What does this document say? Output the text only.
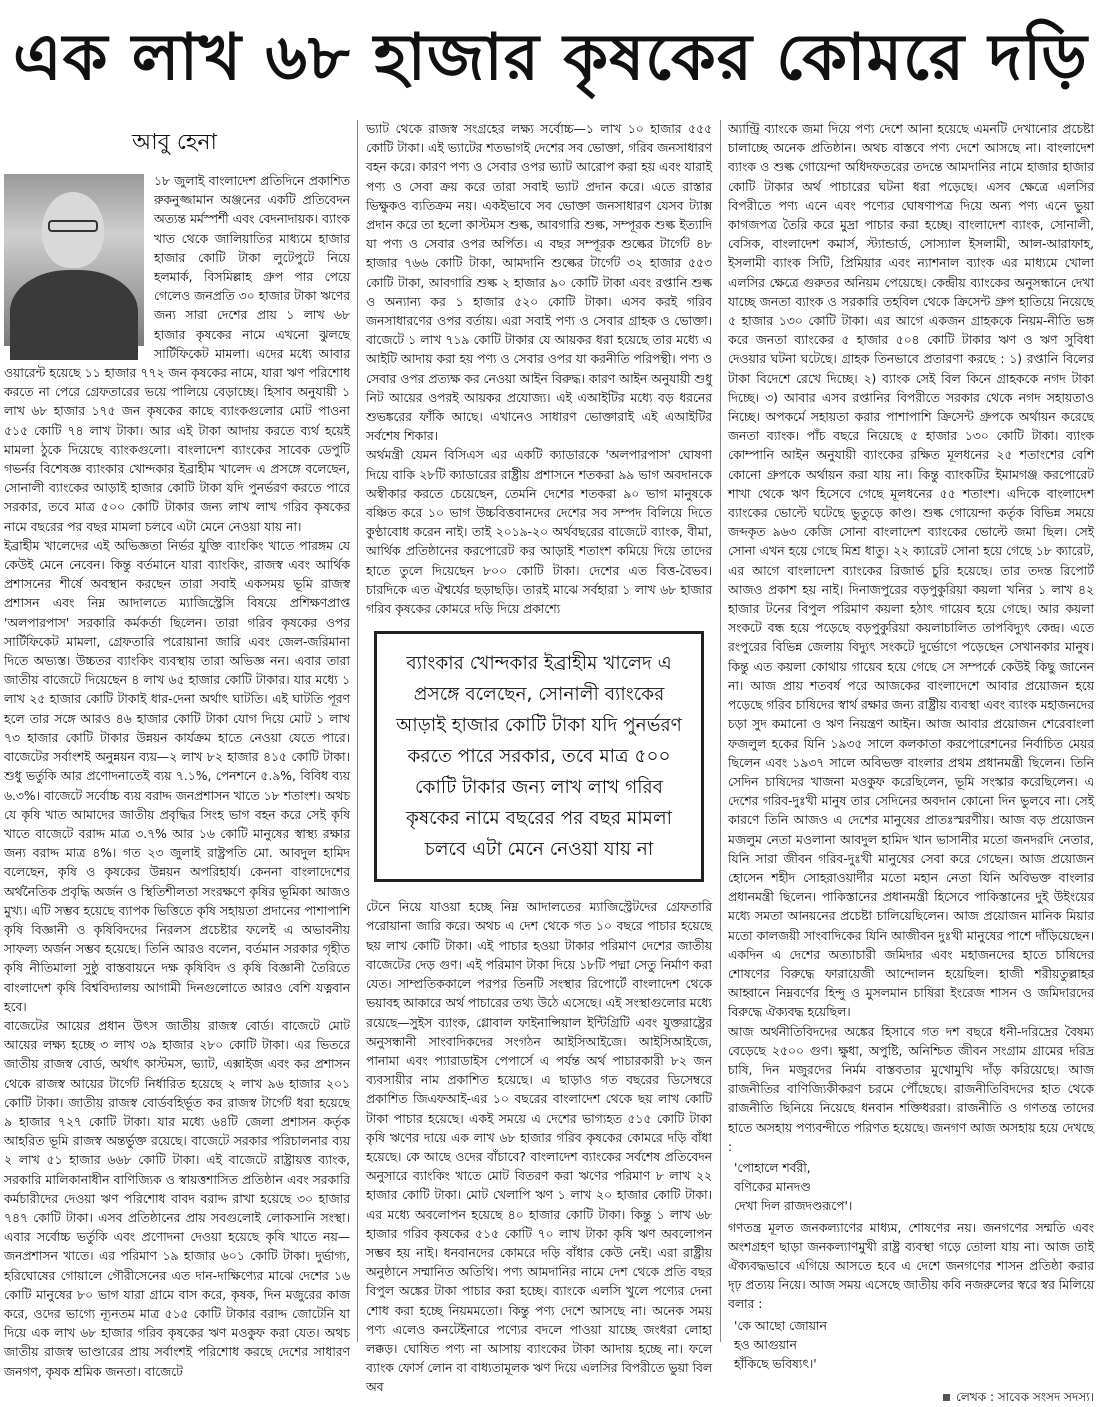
এক লাখ ৬৮ হাজার কৃষকের কোমরে দড়ি
আবু হেনা

১৮ জুলাই বাংলাদেশ প্রতিদিনে প্রকাশিত রুকনুজ্জামান অঞ্জনের একটি প্রতিবেদন অত্যন্ত মর্মস্পর্শী এবং বেদনাদায়ক। ব্যাংক খাত থেকে জালিয়াতির মাধ্যমে হাজার হাজার কোটি টাকা লুটেপুটে নিয়ে হলমার্ক, বিসমিল্লাহ গ্রুপ পার পেয়ে গেলেও জনপ্রতি ৩০ হাজার টাকা ঋণের জন্য সারা দেশের প্রায় ১ লাখ ৬৮ হাজার কৃষকের নামে এখনো ঝুলছে সার্টিফিকেট মামলা। এদের মধ্যে আবার ওয়ারেন্ট হয়েছে ১১ হাজার ৭৭২ জন কৃষকের নামে, যারা ঋণ পরিশোধ করতে না পেরে গ্রেফতারের ভয়ে পালিয়ে বেড়াচ্ছে। হিসাব অনুযায়ী ১ লাখ ৬৮ হাজার ১৭৫ জন কৃষকের কাছে ব্যাংকগুলোর মোট পাওনা ৫১৫ কোটি ৭৪ লাখ টাকা। আর এই টাকা আদায় করতে ব্যর্থ হয়েই মামলা ঠুকে দিয়েছে ব্যাংকগুলো। বাংলাদেশ ব্যাংকের সাবেক ডেপুটি গভর্নর বিশেষজ্ঞ ব্যাংকার খোন্দকার ইব্রাহীম খালেদ এ প্রসঙ্গে বলেছেন, সোনালী ব্যাংকের আড়াই হাজার কোটি টাকা যদি পুনর্ভরণ করতে পারে সরকার, তবে মাত্র ৫০০ কোটি টাকার জন্য লাখ লাখ গরিব কৃষকের নামে বছরের পর বছর মামলা চলবে এটা মেনে নেওয়া যায় না।

ইব্রাহীম খালেদের এই অভিজ্ঞতা নির্ভর যুক্তি ব্যাংকিং খাতে পারঙ্গম যে কেউই মেনে নেবেন। কিন্তু বর্তমানে যারা ব্যাংকিং, রাজস্ব এবং আর্থিক প্রশাসনের শীর্ষে অবস্থান করছেন তারা সবাই একসময় ভূমি রাজস্ব প্রশাসন এবং নিম্ন আদালতে ম্যাজিস্ট্রেসি বিষয়ে প্রশিক্ষণপ্রাপ্ত 'অলপারপাস' সরকারি কর্মকর্তা ছিলেন। তারা গরিব কৃষকের ওপর সার্টিফিকেট মামলা, গ্রেফতারি পরোয়ানা জারি এবং জেল-জরিমানা দিতে অভ্যস্ত। উচ্চতর ব্যাংকিং ব্যবস্থায় তারা অভিজ্ঞ নন। এবার তারা জাতীয় বাজেটে দিয়েছেন ৪ লাখ ৬৫ হাজার কোটি টাকার। যার মধ্যে ১ লাখ ২৫ হাজার কোটি টাকাই ধার-দেনা অর্থাৎ ঘাটতি। এই ঘাটতি পূরণ হলে তার সঙ্গে আরও ৪৬ হাজার কোটি টাকা যোগ দিয়ে মোট ১ লাখ ৭৩ হাজার কোটি টাকার উন্নয়ন কার্যক্রম হাতে নেওয়া যেতে পারে। বাজেটের সর্বাংশই অনুন্নয়ন ব্যয়—২ লাখ ৮২ হাজার ৪১৫ কোটি টাকা। শুধু ভর্তুকি আর প্রণোদনাতেই ব্যয় ৭.১%, পেনশনে ৫.৯%, বিবিধ ব্যয় ৬.৩%। বাজেটে সর্বোচ্চ ব্যয় বরাদ্দ জনপ্রশাসন খাতে ১৮ শতাংশ। অথচ যে কৃষি খাত আমাদের জাতীয় প্রবৃদ্ধির সিংহ ভাগ বহন করে সেই কৃষি খাতে বাজেটে বরাদ্দ মাত্র ৩.৭% আর ১৬ কোটি মানুষের স্বাস্থ্য রক্ষার জন্য বরাদ্দ মাত্র ৪%। গত ২৩ জুলাই রাষ্ট্রপতি মো. আবদুল হামিদ বলেছেন, কৃষি ও কৃষকের উন্নয়ন অপরিহার্য। কেননা বাংলাদেশের অর্থনৈতিক প্রবৃদ্ধি অর্জন ও স্থিতিশীলতা সংরক্ষণে কৃষির ভূমিকা আজও মুখ্য। এটি সম্ভব হয়েছে ব্যাপক ভিত্তিতে কৃষি সহায়তা প্রদানের পাশাপাশি কৃষি বিজ্ঞানী ও কৃষিবিদদের নিরলস প্রচেষ্টার ফলেই এ অভাবনীয় সাফল্য অর্জন সম্ভব হয়েছে। তিনি আরও বলেন, বর্তমান সরকার গৃহীত কৃষি নীতিমালা সুষ্ঠু বাস্তবায়নে দক্ষ কৃষিবিদ ও কৃষি বিজ্ঞানী তৈরিতে বাংলাদেশ কৃষি বিশ্ববিদ্যালয় আগামী দিনগুলোতে আরও বেশি যত্নবান হবে।

বাজেটের আয়ের প্রধান উৎস জাতীয় রাজস্ব বোর্ড। বাজেটে মোট আয়ের লক্ষ্য হচ্ছে ৩ লাখ ৩৯ হাজার ২৮০ কোটি টাকা। এর ভিতরে জাতীয় রাজস্ব বোর্ড, অর্থাৎ কাস্টমস, ভ্যাট, এক্সাইজ এবং কর প্রশাসন থেকে রাজস্ব আয়ের টার্গেট নির্ধারিত হয়েছে ২ লাখ ৯৬ হাজার ২০১ কোটি টাকা। জাতীয় রাজস্ব বোর্ডবহির্ভূত কর রাজস্ব টার্গেট ধরা হয়েছে ৯ হাজার ৭২৭ কোটি টাকা। যার মধ্যে ৬৪টি জেলা প্রশাসন কর্তৃক আহরিত ভূমি রাজস্ব অন্তর্ভুক্ত রয়েছে। বাজেটে সরকার পরিচালনার ব্যয় ২ লাখ ৫১ হাজার ৬৬৮ কোটি টাকা। এই বাজেটে রাষ্ট্রায়ত্ত ব্যাংক, সরকারি মালিকানাধীন বাণিজ্যিক ও স্বায়ত্তশাসিত প্রতিষ্ঠান এবং সরকারি কর্মচারীদের দেওয়া ঋণ পরিশোধ বাবদ বরাদ্দ রাখা হয়েছে ৩০ হাজার ৭৪৭ কোটি টাকা। এসব প্রতিষ্ঠানের প্রায় সবগুলোই লোকসানি সংস্থা। এবার সর্বোচ্চ ভর্তুকি এবং প্রণোদনা দেওয়া হয়েছে কৃষি খাতে নয়—জনপ্রশাসন খাতে। এর পরিমাণ ১৯ হাজার ৬০১ কোটি টাকা। দুর্ভাগ্য, হরিঘোষের গোয়ালে গৌরীসেনের এত দান-দাক্ষিণ্যের মাঝে দেশের ১৬ কোটি মানুষের ৮০ ভাগ যারা গ্রামে বাস করে, কৃষক, দিন মজুরের কাজ করে, ওদের ভাগ্যে ন্যূনতম মাত্র ৫১৫ কোটি টাকার বরাদ্দ জোটেনি যা দিয়ে এক লাখ ৬৮ হাজার গরিব কৃষকের ঋণ মওকুফ করা যেত। অথচ জাতীয় রাজস্ব ভাণ্ডারের প্রায় সর্বাংশই পরিশোধ করছে দেশের সাধারণ জনগণ, কৃষক শ্রমিক জনতা। বাজেটে

ভ্যাট থেকে রাজস্ব সংগ্রহের লক্ষ্য সর্বোচ্চ—১ লাখ ১০ হাজার ৫৫৫ কোটি টাকা। এই ভ্যাটের শতভাগই দেশের সব ভোক্তা, গরিব জনসাধারণ বহন করে। কারণ পণ্য ও সেবার ওপর ভ্যাট আরোপ করা হয় এবং যারাই পণ্য ও সেবা ক্রয় করে তারা সবাই ভ্যাট প্রদান করে। এতে রাস্তার ভিক্ষুকও ব্যতিক্রম নয়। একইভাবে সব ভোক্তা জনসাধারণ যেসব ট্যাক্স প্রদান করে তা হলো কাস্টমস শুল্ক, আবগারি শুল্ক, সম্পূরক শুল্ক ইত্যাদি যা পণ্য ও সেবার ওপর অর্পিত। এ বছর সম্পূরক শুল্কের টার্গেট ৪৮ হাজার ৭৬৬ কোটি টাকা, আমদানি শুল্কের টার্গেট ৩২ হাজার ৫৫৩ কোটি টাকা, আবগারি শুল্ক ২ হাজার ৯০ কোটি টাকা এবং রপ্তানি শুল্ক ও অন্যান্য কর ১ হাজার ৫২০ কোটি টাকা। এসব করই গরিব জনসাধারণের ওপর বর্তায়। এরা সবাই পণ্য ও সেবার গ্রাহক ও ভোক্তা। বাজেটে ১ লাখ ৭১৯ কোটি টাকার যে আয়কর ধরা হয়েছে তার মধ্যে এ আইটি আদায় করা হয় পণ্য ও সেবার ওপর যা করনীতি পরিপন্থী। পণ্য ও সেবার ওপর প্রত্যক্ষ কর নেওয়া আইন বিরুদ্ধ। কারণ আইন অনুযায়ী শুধু নিট আয়ের ওপরই আয়কর প্রযোজ্য। এই এআইটির মধ্যে বড় ধরনের শুভঙ্করের ফাঁকি আছে। এখানেও সাধারণ ভোক্তারাই এই এআইটির সর্বশেষ শিকার।

অর্থমন্ত্রী যেমন বিসিএস এর একটি ক্যাডারকে 'অলপারপাস' ঘোষণা দিয়ে বাকি ২৮টি ক্যাডারের রাষ্ট্রীয় প্রশাসনে শতকরা ৯৯ ভাগ অবদানকে অস্বীকার করতে চেয়েছেন, তেমনি দেশের শতকরা ৯০ ভাগ মানুষকে বঞ্চিত করে ১০ ভাগ উচ্চবিত্তবানদের দেশের সব সম্পদ বিলিয়ে দিতে কুণ্ঠাবোধ করেন নাই। তাই ২০১৯-২০ অর্থবছরের বাজেটে ব্যাংক, বীমা, আর্থিক প্রতিষ্ঠানের করপোরেট কর আড়াই শতাংশ কমিয়ে দিয়ে তাদের হাতে তুলে দিয়েছেন ৮০০ কোটি টাকা। দেশের এত বিত্ত-বৈভব। চারদিকে এত ঐশ্বর্যের ছড়াছড়ি। তারই মাঝে সর্বহারা ১ লাখ ৬৮ হাজার গরিব কৃষকের কোমরে দড়ি দিয়ে প্রকাশ্যে

ব্যাংকার খোন্দকার ইব্রাহীম খালেদ এ প্রসঙ্গে বলেছেন, সোনালী ব্যাংকের আড়াই হাজার কোটি টাকা যদি পুনর্ভরণ করতে পারে সরকার, তবে মাত্র ৫০০ কোটি টাকার জন্য লাখ লাখ গরিব কৃষকের নামে বছরের পর বছর মামলা চলবে এটা মেনে নেওয়া যায় না

টেনে নিয়ে যাওয়া হচ্ছে নিম্ন আদালতের ম্যাজিস্ট্রেটদের গ্রেফতারি পরোয়ানা জারি করে। অথচ এ দেশ থেকে গত ১০ বছরে পাচার হয়েছে ছয় লাখ কোটি টাকা। এই পাচার হওয়া টাকার পরিমাণ দেশের জাতীয় বাজেটের দেড় গুণ। এই পরিমাণ টাকা দিয়ে ১৮টি পদ্মা সেতু নির্মাণ করা যেত। সাম্প্রতিককালে পরপর তিনটি সংস্থার রিপোর্টে বাংলাদেশ থেকে ভয়াবহ আকারে অর্থ পাচারের তথ্য উঠে এসেছে। এই সংস্থাগুলোর মধ্যে রয়েছে—সুইস ব্যাংক, গ্লোবাল ফাইনান্সিয়াল ইন্টিগ্রিটি এবং যুক্তরাষ্ট্রের অনুসন্ধানী সাংবাদিকদের সংগঠন আইসিআইজে। আইসিআইজে, পানামা এবং প্যারাডাইস পেপার্সে এ পর্যন্ত অর্থ পাচারকারী ৮২ জন ব্যবসায়ীর নাম প্রকাশিত হয়েছে। এ ছাড়াও গত বছরের ডিসেম্বরে প্রকাশিত জিএফআই-এর ১০ বছরের বাংলাদেশ থেকে ছয় লাখ কোটি টাকা পাচার হয়েছে। একই সময়ে এ দেশের ভাগ্যহত ৫১৫ কোটি টাকা কৃষি ঋণের দায়ে এক লাখ ৬৮ হাজার গরিব কৃষকের কোমরে দড়ি বাঁধা হয়েছে। কে আছে ওদের বাঁচাবে? বাংলাদেশ ব্যাংকের সর্বশেষ প্রতিবেদন অনুসারে ব্যাংকিং খাতে মোট বিতরণ করা ঋণের পরিমাণ ৮ লাখ ২২ হাজার কোটি টাকা। মোট খেলাপি ঋণ ১ লাখ ২০ হাজার কোটি টাকা। এর মধ্যে অবলোপন হয়েছে ৪০ হাজার কোটি টাকা। কিন্তু ১ লাখ ৬৮ হাজার গরিব কৃষকের ৫১৫ কোটি ৭০ লাখ টাকা কৃষি ঋণ অবলোপন সম্ভব হয় নাই। ধনবানদের কোমরে দড়ি বাঁধার কেউ নেই। এরা রাষ্ট্রীয় অনুষ্ঠানে সম্মানিত অতিথি। পণ্য আমদানির নামে দেশ থেকে প্রতি বছর বিপুল অঙ্কের টাকা পাচার করা হচ্ছে। ব্যাংকে এলসি খুলে পণ্যের দেনা শোধ করা হচ্ছে নিয়মমতো। কিন্তু পণ্য দেশে আসছে না। অনেক সময় পণ্য এলেও কনটেইনারে পণ্যের বদলে পাওয়া যাচ্ছে জংধরা লোহা লক্কড়। ঘোষিত পণ্য না আসায় ব্যাংকের টাকা আদায় হচ্ছে না। ফলে ব্যাংক ফোর্স লোন বা বাধ্যতামূলক ঋণ দিয়ে এলসির বিপরীতে ভুয়া বিল অব

অ্যান্ট্রি ব্যাংকে জমা দিয়ে পণ্য দেশে আনা হয়েছে এমনটি দেখানোর প্রচেষ্টা চালাচ্ছে অনেক প্রতিষ্ঠান। অথচ বাস্তবে পণ্য দেশে আসছে না। বাংলাদেশ ব্যাংক ও শুল্ক গোয়েন্দা অধিদফতরের তদন্তে আমদানির নামে হাজার হাজার কোটি টাকার অর্থ পাচারের ঘটনা ধরা পড়েছে। এসব ক্ষেত্রে এলসির বিপরীতে পণ্য এনে এবং পণ্যের ঘোষণাপত্র দিয়ে অন্য পণ্য এনে ভুয়া কাগজপত্র তৈরি করে মুদ্রা পাচার করা হচ্ছে। বাংলাদেশ ব্যাংক, সোনালী, বেসিক, বাংলাদেশ কমার্স, স্ট্যান্ডার্ড, সোস্যাল ইসলামী, আল-আরাফাহ, ইসলামী ব্যাংক সিটি, প্রিমিয়ার এবং ন্যাশনাল ব্যাংক এর মাধ্যমে খোলা এলসির ক্ষেত্রে গুরুতর অনিয়ম পেয়েছে। কেন্দ্রীয় ব্যাংকের অনুসন্ধানে দেখা যাচ্ছে জনতা ব্যাংক ও সরকারি তহবিল থেকে ক্রিসেন্ট গ্রুপ হাতিয়ে নিয়েছে ৫ হাজার ১৩০ কোটি টাকা। এর আগে একজন গ্রাহককে নিয়ম-নীতি ভঙ্গ করে জনতা ব্যাংকের ৫ হাজার ৫০৪ কোটি টাকার ঋণ ও ঋণ সুবিধা দেওয়ার ঘটনা ঘটেছে। গ্রাহক তিনভাবে প্রতারণা করছে : ১) রপ্তানি বিলের টাকা বিদেশে রেখে দিচ্ছে। ২) ব্যাংক সেই বিল কিনে গ্রাহককে নগদ টাকা দিচ্ছে। ৩) আবার এসব রপ্তানির বিপরীতে সরকার থেকে নগদ সহায়তাও নিচ্ছে। অপকর্মে সহায়তা করার পাশাপাশি ক্রিসেন্ট গ্রুপকে অর্থায়ন করেছে জনতা ব্যাংক। পাঁচ বছরে নিয়েছে ৫ হাজার ১৩০ কোটি টাকা। ব্যাংক কোম্পানি আইন অনুযায়ী ব্যাংকের রক্ষিত মূলধনের ২৫ শতাংশের বেশি কোনো গ্রুপকে অর্থায়ন করা যায় না। কিন্তু ব্যাংকটির ইমামগঞ্জ করপোরেট শাখা থেকে ঋণ হিসেবে গেছে মূলধনের ৫৫ শতাংশ। এদিকে বাংলাদেশ ব্যাংকের ভোল্টে ঘটেছে ভুতুড়ে কাণ্ড। শুল্ক গোয়েন্দা কর্তৃক বিভিন্ন সময়ে জব্দকৃত ৯৬৩ কেজি সোনা বাংলাদেশ ব্যাংকের ভোল্টে জমা ছিল। সেই সোনা এখন হয়ে গেছে মিশ্র ধাতু। ২২ ক্যারেট সোনা হয়ে গেছে ১৮ ক্যারেট, এর আগে বাংলাদেশ ব্যাংকের রিজার্ভ চুরি হয়েছে। তার তদন্ত রিপোর্ট আজও প্রকাশ হয় নাই। দিনাজপুরের বড়পুকুরিয়া কয়লা খনির ১ লাখ ৪২ হাজার টনের বিপুল পরিমাণ কয়লা হঠাৎ গায়েব হয়ে গেছে। আর কয়লা সংকটে বন্ধ হয়ে পড়েছে বড়পুকুরিয়া কয়লাচালিত তাপবিদ্যুৎ কেন্দ্র। এতে রংপুরের বিভিন্ন জেলায় বিদ্যুৎ সংকটে দুর্ভোগে পড়েছেন সেখানকার মানুষ। কিন্তু এত কয়লা কোথায় গায়েব হয়ে গেছে সে সম্পর্কে কেউই কিছু জানেন না। আজ প্রায় শতবর্ষ পরে আজকের বাংলাদেশে আবার প্রয়োজন হয়ে পড়েছে গরিব চাষিদের স্বার্থ রক্ষার জন্য রাষ্ট্রীয় ব্যবস্থা এবং ব্যাংক মহাজনদের চড়া সুদ কমানো ও ঋণ নিয়ন্ত্রণ আইন। আজ আবার প্রয়োজন শেরেবাংলা ফজলুল হকের যিনি ১৯৩৫ সালে কলকাতা করপোরেশনের নির্বাচিত মেয়র ছিলেন এবং ১৯৩৭ সালে অবিভক্ত বাংলার প্রথম প্রধানমন্ত্রী ছিলেন। তিনি সেদিন চাষিদের খাজনা মওকুফ করেছিলেন, ভূমি সংস্কার করেছিলেন। এ দেশের গরিব-দুঃখী মানুষ তার সেদিনের অবদান কোনো দিন ভুলবে না। সেই কারণে তিনি আজও এ দেশের মানুষের প্রাতঃস্মরণীয়। আজ বড় প্রয়োজন মজলুম নেতা মওলানা আবদুল হামিদ খান ভাসানীর মতো জনদরদি নেতার, যিনি সারা জীবন গরিব-দুঃখী মানুষের সেবা করে গেছেন। আজ প্রয়োজন হোসেন শহীদ সোহরাওয়ার্দীর মতো মহান নেতা যিনি অবিভক্ত বাংলার প্রধানমন্ত্রী ছিলেন। পাকিস্তানের প্রধানমন্ত্রী হিসেবে পাকিস্তানের দুই উইংয়ের মধ্যে সমতা আনয়নের প্রচেষ্টা চালিয়েছিলেন। আজ প্রয়োজন মানিক মিয়ার মতো কালজয়ী সাংবাদিকের যিনি আজীবন দুঃখী মানুষের পাশে দাঁড়িয়েছেন। একদিন এ দেশের অত্যাচারী জমিদার এবং মহাজনদের হাতে চাষিদের শোষণের বিরুদ্ধে ফারায়েজী আন্দোলন হয়েছিল। হাজী শরীয়তুল্লাহর আহ্বানে নিম্নবর্ণের হিন্দু ও মুসলমান চাষিরা ইংরেজ শাসন ও জমিদারদের বিরুদ্ধে ঐক্যবদ্ধ হয়েছিল।

আজ অর্থনীতিবিদদের অঙ্কের হিসাবে গত দশ বছরে ধনী-দরিদ্রের বৈষম্য বেড়েছে ২৫০০ গুণ। ক্ষুধা, অপুষ্টি, অনিশ্চিত জীবন সংগ্রাম গ্রামের দরিদ্র চাষি, দিন মজুরদের নির্মম বাস্তবতার মুখোমুখি দাঁড় করিয়েছে। আজ রাজনীতির বাণিজ্যিকীকরণ চরমে পৌঁছেছে। রাজনীতিবিদদের হাত থেকে রাজনীতি ছিনিয়ে নিয়েছে ধনবান শক্তিধররা। রাজনীতি ও গণতন্ত্র তাদের হাতে অসহায় পণ্যবন্দীতে পরিণত হয়েছে। জনগণ আজ অসহায় হয়ে দেখছে :

'পোহালে শর্বরী,
বণিকের মানদণ্ড
দেখা দিল রাজদণ্ডরূপে'।

গণতন্ত্র মূলত জনকল্যাণের মাধ্যম, শোষণের নয়। জনগণের সম্মতি এবং অংশগ্রহণ ছাড়া জনকল্যাণমুখী রাষ্ট্র ব্যবস্থা গড়ে তোলা যায় না। আজ তাই ঐক্যবদ্ধভাবে এগিয়ে আসতে হবে এ দেশে জনগণের শাসন প্রতিষ্ঠা করার দৃঢ় প্রত্যয় নিয়ে। আজ সময় এসেছে জাতীয় কবি নজরুলের স্বরে স্বর মিলিয়ে বলার :

'কে আছো জোয়ান
হও আগুয়ান
হাঁকিছে ভবিষ্যৎ।'
লেখক : সাবেক সংসদ সদস্য।
